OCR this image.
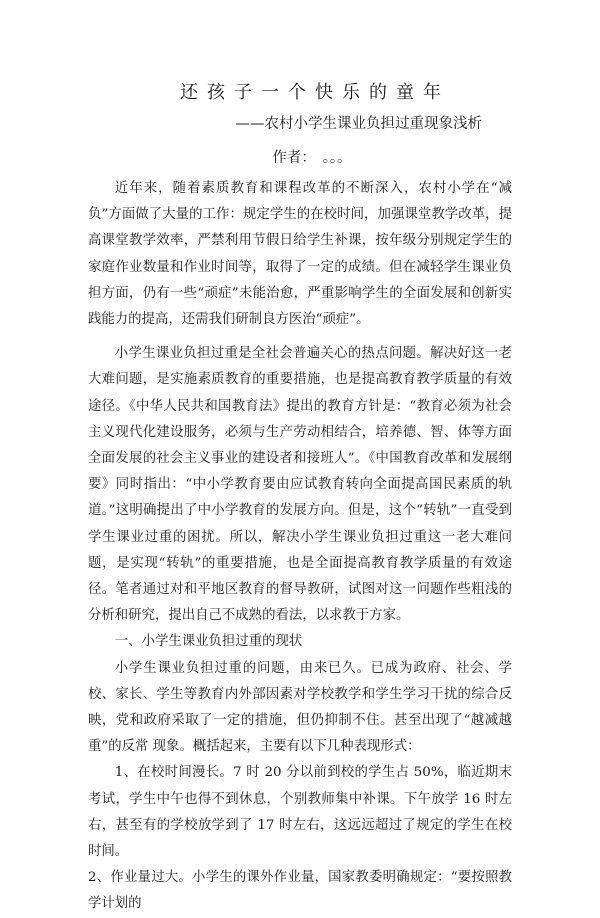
还孩子一个快乐的童年
——农村小学生课业负担过重现象浅析
作者： 。。。

近年来，随着素质教育和课程改革的不断深入，农村小学在“减负”方面做了大量的工作：规定学生的在校时间，加强课堂教学改革，提高课堂教学效率，严禁利用节假日给学生补课，按年级分别规定学生的家庭作业数量和作业时间等，取得了一定的成绩。但在减轻学生课业负担方面，仍有一些“顽症”未能治愈，严重影响学生的全面发展和创新实践能力的提高，还需我们研制良方医治“顽症”。

小学生课业负担过重是全社会普遍关心的热点问题。解决好这一老大难问题，是实施素质教育的重要措施，也是提高教育教学质量的有效途径。《中华人民共和国教育法》提出的教育方针是：“教育必须为社会主义现代化建设服务，必须与生产劳动相结合，培养德、智、体等方面全面发展的社会主义事业的建设者和接班人”。《中国教育改革和发展纲要》同时指出：“中小学教育要由应试教育转向全面提高国民素质的轨道。”这明确提出了中小学教育的发展方向。但是，这个“转轨”一直受到学生课业过重的困扰。所以，解决小学生课业负担过重这一老大难问题，是实现“转轨”的重要措施，也是全面提高教育教学质量的有效途径。笔者通过对和平地区教育的督导教研，试图对这一问题作些粗浅的分析和研究，提出自己不成熟的看法，以求教于方家。

一、小学生课业负担过重的现状

小学生课业负担过重的问题，由来已久。已成为政府、社会、学校、家长、学生等教育内外部因素对学校教学和学生学习干扰的综合反映，党和政府采取了一定的措施，但仍抑制不住。甚至出现了“越减越重”的反常 现象。概括起来，主要有以下几种表现形式：

1、在校时间漫长。7 时 20 分以前到校的学生占 50%，临近期末考试，学生中午也得不到休息，个别教师集中补课。下午放学 16 时左右，甚至有的学校放学到了 17 时左右，这远远超过了规定的学生在校时间。

2、作业量过大。小学生的课外作业量，国家教委明确规定：“要按照教学计划的
